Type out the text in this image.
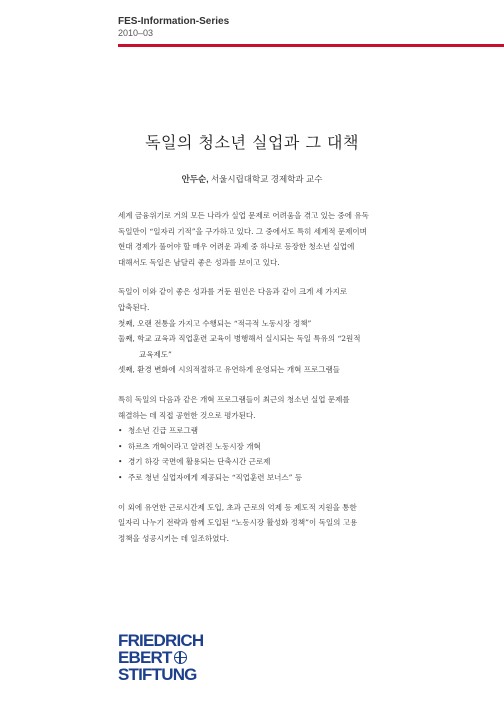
FES-Information-Series
2010–03
독일의 청소년 실업과 그 대책
안두순, 서울시립대학교 경제학과 교수

세계 금융위기로 거의 모든 나라가 실업 문제로 어려움을 겪고 있는 중에 유독
독일만이 “일자리 기적”을 구가하고 있다. 그 중에서도 특히 세계적 문제이며
현대 경제가 풀어야 할 매우 어려운 과제 중 하나로 등장한 청소년 실업에
대해서도 독일은 남달리 좋은 성과를 보이고 있다.

독일이 이와 같이 좋은 성과를 거둔 원인은 다음과 같이 크게 세 가지로
압축된다.
첫째, 오랜 전통을 가지고 수행되는 “적극적 노동시장 정책”
둘째, 학교 교육과 직업훈련 교육이 병행해서 실시되는 독일 특유의 “2원적
교육제도”
셋째, 환경 변화에 시의적절하고 유연하게 운영되는 개혁 프로그램들

특히 독일의 다음과 같은 개혁 프로그램들이 최근의 청소년 실업 문제를
해결하는 데 직접 공헌한 것으로 평가된다.

• 청소년 긴급 프로그램
• 하르츠 개혁이라고 알려진 노동시장 개혁
• 경기 하강 국면에 활용되는 단축시간 근로제
• 주로 청년 실업자에게 제공되는 “직업훈련 보너스” 등

이 외에 유연한 근로시간제 도입, 초과 근로의 억제 등 제도적 지원을 통한
일자리 나누기 전략과 함께 도입된 “노동시장 활성화 정책”이 독일의 고용
정책을 성공시키는 데 일조하였다.

FRIEDRICH
EBERT
STIFTUNG
